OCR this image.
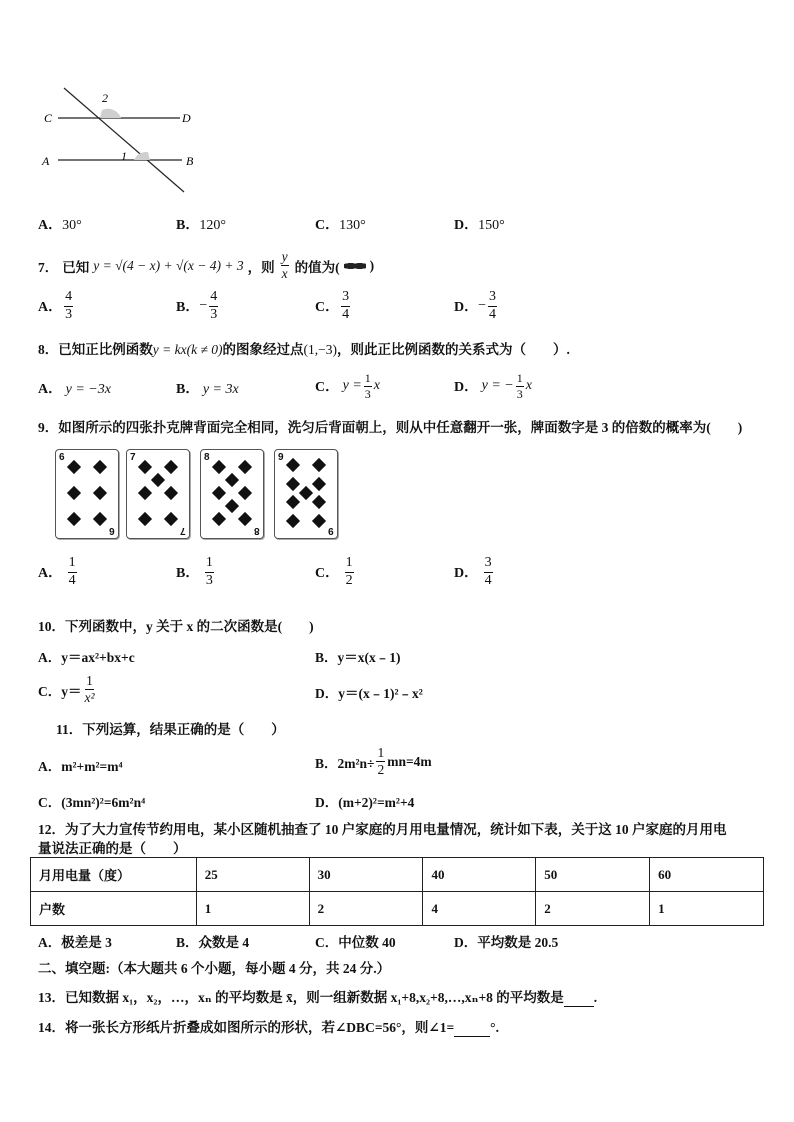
C	D
A	B
2
1
A．30°	B．120°	C．130°	D．150°
7． 已知 y = √(4 − x) + √(x − 4) + 3 ，则 $\frac{y}{x}$ 的值为( )
A． $\frac{4}{3}$	B． − $\frac{4}{3}$	C． $\frac{3}{4}$	D． − $\frac{3}{4}$
8．已知正比例函数y = kx(k ≠ 0)的图象经过点(1,−3)，则此正比例函数的关系式为（　　）.
A． y = −3x	B． y = 3x	C．
$y = \frac{1}{3}$ x	D．
y = − $\frac{1}{3}$ x
9．如图所示的四张扑克牌背面完全相同，洗匀后背面朝上，则从中任意翻开一张，牌面数字是 3 的倍数的概率为(　　)
6
6
7
7
8
8
9
9
A．
$\frac{1}{4}$	B．
$\frac{1}{3}$	C．
$\frac{1}{2}$	D．
$\frac{3}{4}$
10．下列函数中，y 关于 x 的二次函数是(　　)
A．y＝ax²+bx+c	B．y＝x(x﹣1)
C．$y= \frac{1}{\text{x²}}$	D．y＝(x﹣1)²﹣x²
11．下列运算，结果正确的是（　　）
A．m²+m²=m⁴	B．$2m^2n\div \frac{1}{2} mn=4m$
C．(3mn²)²=6m²n⁴	D．(m+2)²=m²+4
12．为了大力宣传节约用电，某小区随机抽查了 10 户家庭的月用电量情况，统计如下表，关于这 10 户家庭的月用电
量说法正确的是（　　）
月用电量（度）	25	30	40	50	60
户数	1	2	4	2	1
A．极差是 3	B．众数是 4	C．中位数 40	D．平均数是 20.5
二、填空题:（本大题共 6 个小题，每小题 4 分，共 24 分.）
13．已知数据 x₁，x₂，…，xₙ 的平均数是 x̄，则一组新数据 x₁+8,x₂+8,…,xₙ+8 的平均数是 .
14．将一张长方形纸片折叠成如图所示的形状，若∠DBC=56°，则∠1=	°.
